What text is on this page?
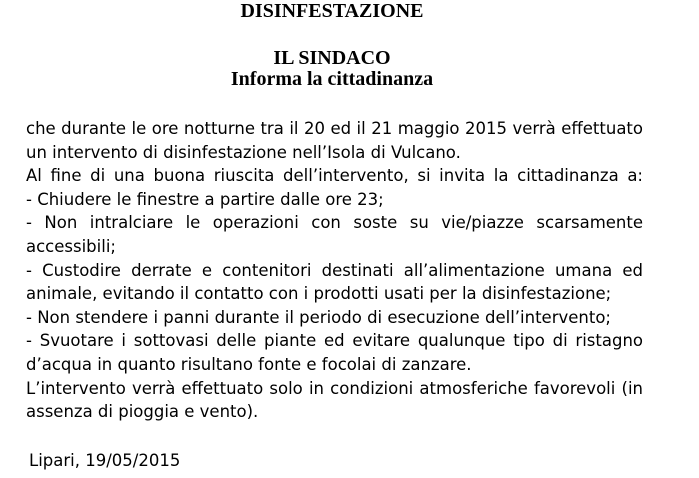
DISINFESTAZIONE
IL SINDACO
Informa la cittadinanza

che durante le ore notturne tra il 20 ed il 21 maggio 2015 verrà effettuato

un intervento di disinfestazione nell’Isola di Vulcano.

Al fine di una buona riuscita dell’intervento, si invita la cittadinanza a:

- Chiudere le finestre a partire dalle ore 23;

- Non intralciare le operazioni con soste su vie/piazze scarsamente

accessibili;

- Custodire derrate e contenitori destinati all’alimentazione umana ed

animale, evitando il contatto con i prodotti usati per la disinfestazione;

- Non stendere i panni durante il periodo di esecuzione dell’intervento;

- Svuotare i sottovasi delle piante ed evitare qualunque tipo di ristagno

d’acqua in quanto risultano fonte e focolai di zanzare.

L’intervento verrà effettuato solo in condizioni atmosferiche favorevoli (in

assenza di pioggia e vento).

Lipari, 19/05/2015
